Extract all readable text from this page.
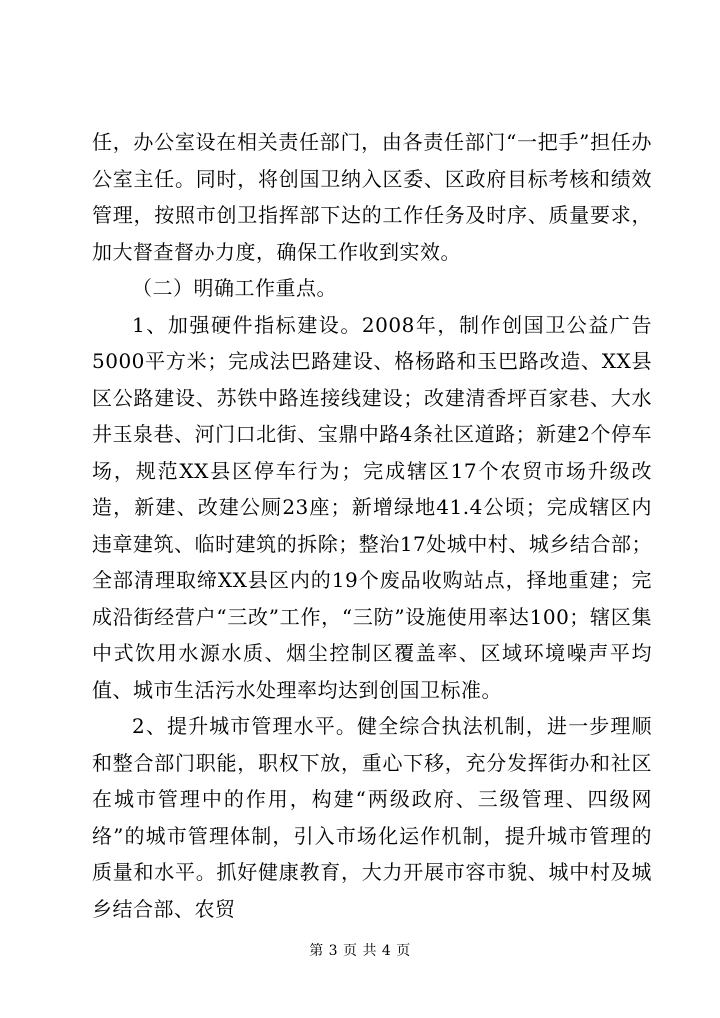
任，办公室设在相关责任部门，由各责任部门“一把手”担任办公室主任。同时，将创国卫纳入区委、区政府目标考核和绩效管理，按照市创卫指挥部下达的工作任务及时序、质量要求，加大督查督办力度，确保工作收到实效。

（二）明确工作重点。

1、加强硬件指标建设。2008年，制作创国卫公益广告5000平方米；完成法巴路建设、格杨路和玉巴路改造、XX县区公路建设、苏铁中路连接线建设；改建清香坪百家巷、大水井玉泉巷、河门口北街、宝鼎中路4条社区道路；新建2个停车场，规范XX县区停车行为；完成辖区17个农贸市场升级改造，新建、改建公厕23座；新增绿地41.4公顷；完成辖区内违章建筑、临时建筑的拆除；整治17处城中村、城乡结合部；全部清理取缔XX县区内的19个废品收购站点，择地重建；完成沿街经营户“三改”工作，“三防”设施使用率达100；辖区集中式饮用水源水质、烟尘控制区覆盖率、区域环境噪声平均值、城市生活污水处理率均达到创国卫标准。

2、提升城市管理水平。健全综合执法机制，进一步理顺和整合部门职能，职权下放，重心下移，充分发挥街办和社区在城市管理中的作用，构建“两级政府、三级管理、四级网络”的城市管理体制，引入市场化运作机制，提升城市管理的质量和水平。抓好健康教育，大力开展市容市貌、城中村及城乡结合部、农贸

第 3 页 共 4 页
